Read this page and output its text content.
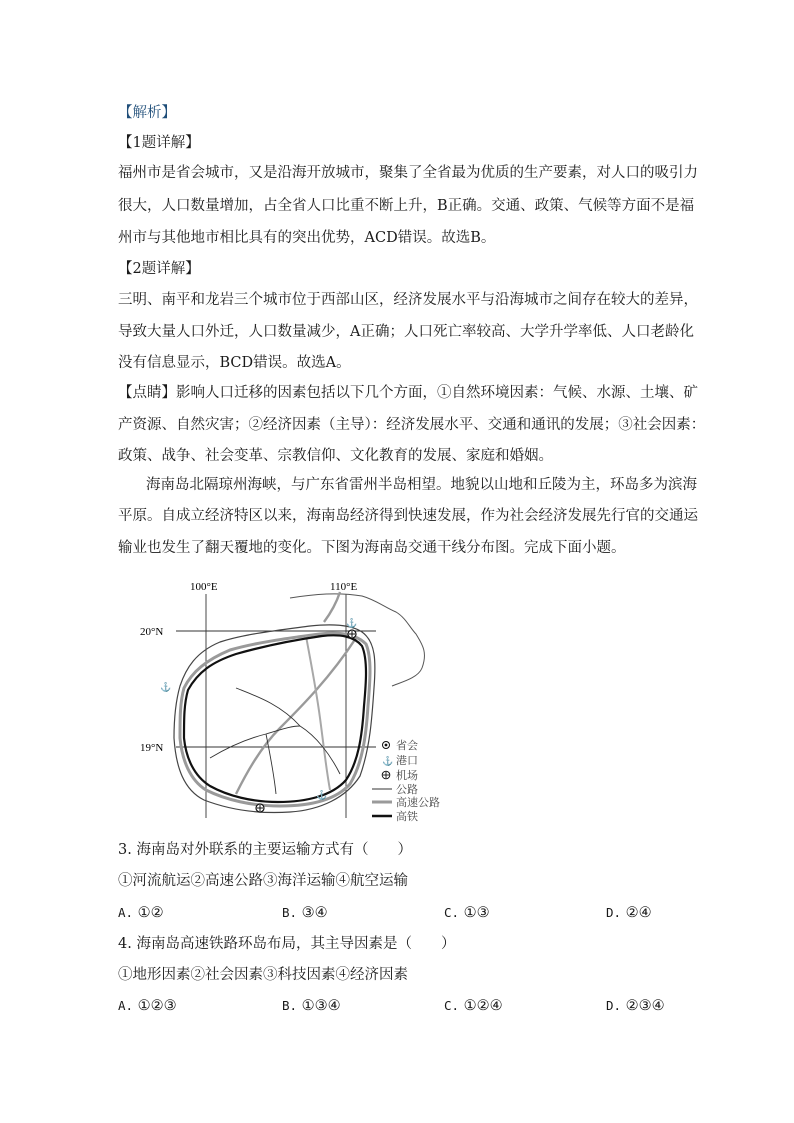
【解析】
【1题详解】
福州市是省会城市，又是沿海开放城市，聚集了全省最为优质的生产要素，对人口的吸引力
很大，人口数量增加，占全省人口比重不断上升，B正确。交通、政策、气候等方面不是福
州市与其他地市相比具有的突出优势，ACD错误。故选B。
【2题详解】
三明、南平和龙岩三个城市位于西部山区，经济发展水平与沿海城市之间存在较大的差异，
导致大量人口外迁，人口数量减少，A正确；人口死亡率较高、大学升学率低、人口老龄化
没有信息显示，BCD错误。故选A。
【点睛】影响人口迁移的因素包括以下几个方面，①自然环境因素：气候、水源、土壤、矿
产资源、自然灾害；②经济因素（主导）：经济发展水平、交通和通讯的发展；③社会因素：
政策、战争、社会变革、宗教信仰、文化教育的发展、家庭和婚姻。
海南岛北隔琼州海峡，与广东省雷州半岛相望。地貌以山地和丘陵为主，环岛多为滨海
平原。自成立经济特区以来，海南岛经济得到快速发展，作为社会经济发展先行官的交通运
输业也发生了翻天覆地的变化。下图为海南岛交通干线分布图。完成下面小题。
100°E	110°E
20°N
19°N
⚓
⚓
⚓
省会
⚓ 港口
机场
公路
高速公路
高铁
3. 海南岛对外联系的主要运输方式有（　　）
①河流航运②高速公路③海洋运输④航空运输
A. ①②	B. ③④	C. ①③	D. ②④
4. 海南岛高速铁路环岛布局，其主导因素是（　　）
①地形因素②社会因素③科技因素④经济因素
A. ①②③	B. ①③④	C. ①②④	D. ②③④
